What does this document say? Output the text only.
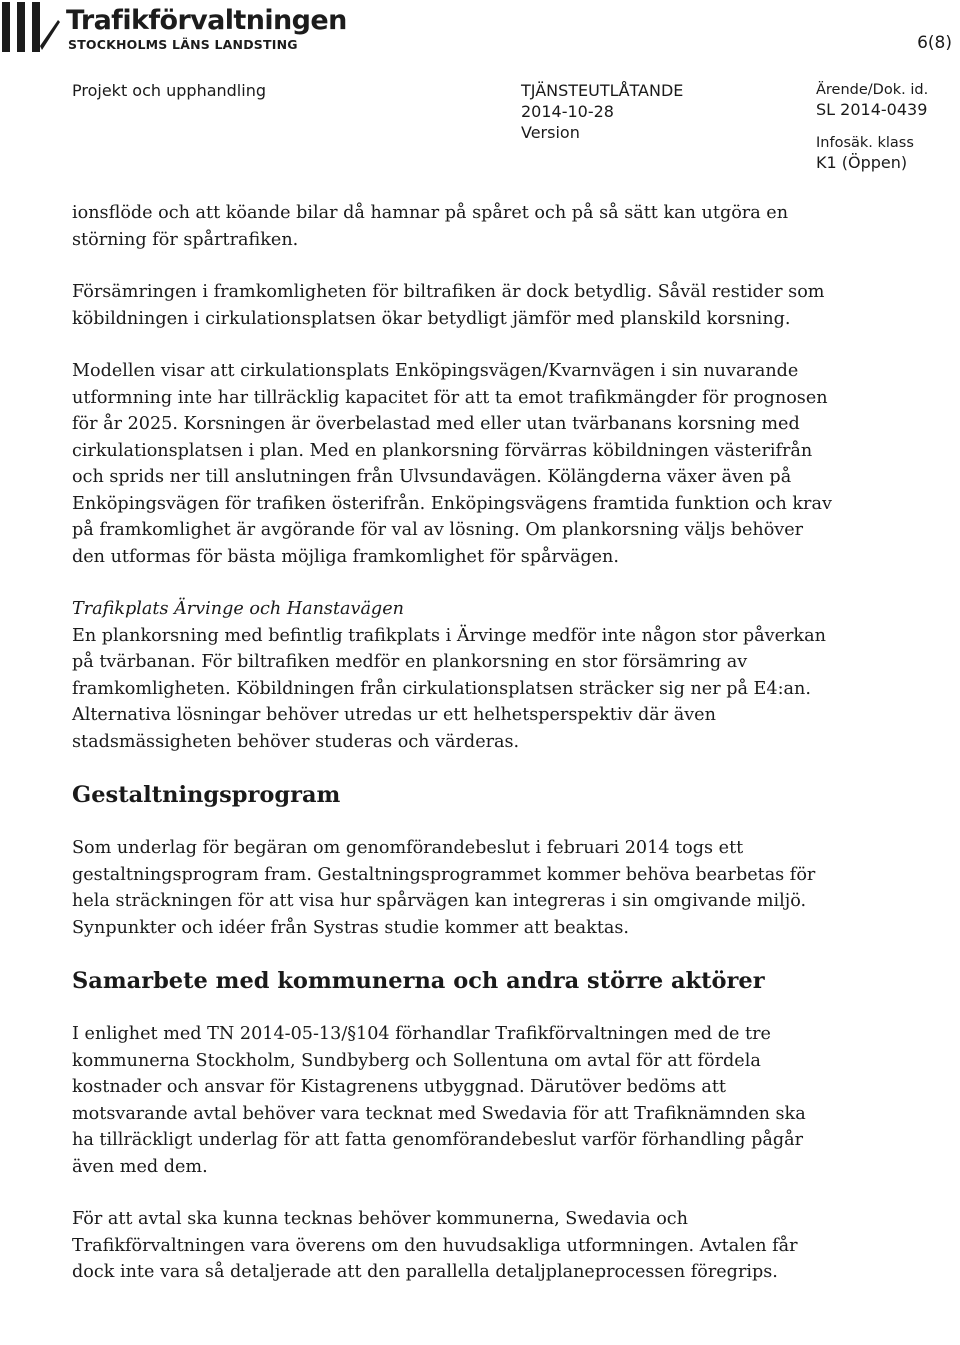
Trafikförvaltningen
STOCKHOLMS LÄNS LANDSTING	6(8)
Projekt och upphandling	TJÄNSTEUTLÅTANDE
2014-10-28
Version
Ärende/Dok. id.
SL 2014-0439
Infosäk. klass
K1 (Öppen)

ionsflöde och att köande bilar då hamnar på spåret och på så sätt kan utgöra en störning för spårtrafiken.

Försämringen i framkomligheten för biltrafiken är dock betydlig. Såväl restider som köbildningen i cirkulationsplatsen ökar betydligt jämför med planskild korsning.

Modellen visar att cirkulationsplats Enköpingsvägen/Kvarnvägen i sin nuvarande utformning inte har tillräcklig kapacitet för att ta emot trafikmängder för prognosen för år 2025. Korsningen är överbelastad med eller utan tvärbanans korsning med cirkulationsplatsen i plan. Med en plankorsning förvärras köbildningen västerifrån och sprids ner till anslutningen från Ulvsundavägen. Kölängderna växer även på Enköpingsvägen för trafiken österifrån. Enköpingsvägens framtida funktion och krav på framkomlighet är avgörande för val av lösning. Om plankorsning väljs behöver den utformas för bästa möjliga framkomlighet för spårvägen.

Trafikplats Ärvinge och Hanstavägen

En plankorsning med befintlig trafikplats i Ärvinge medför inte någon stor påverkan på tvärbanan. För biltrafiken medför en plankorsning en stor försämring av framkomligheten. Köbildningen från cirkulationsplatsen sträcker sig ner på E4:an. Alternativa lösningar behöver utredas ur ett helhetsperspektiv där även stadsmässigheten behöver studeras och värderas.

Gestaltningsprogram

Som underlag för begäran om genomförandebeslut i februari 2014 togs ett gestaltningsprogram fram. Gestaltningsprogrammet kommer behöva bearbetas för hela sträckningen för att visa hur spårvägen kan integreras i sin omgivande miljö. Synpunkter och idéer från Systras studie kommer att beaktas.

Samarbete med kommunerna och andra större aktörer

I enlighet med TN 2014-05-13/§104 förhandlar Trafikförvaltningen med de tre kommunerna Stockholm, Sundbyberg och Sollentuna om avtal för att fördela kostnader och ansvar för Kistagrenens utbyggnad. Därutöver bedöms att motsvarande avtal behöver vara tecknat med Swedavia för att Trafiknämnden ska ha tillräckligt underlag för att fatta genomförandebeslut varför förhandling pågår även med dem.

För att avtal ska kunna tecknas behöver kommunerna, Swedavia och Trafikförvaltningen vara överens om den huvudsakliga utformningen. Avtalen får dock inte vara så detaljerade att den parallella detaljplaneprocessen föregrips.
